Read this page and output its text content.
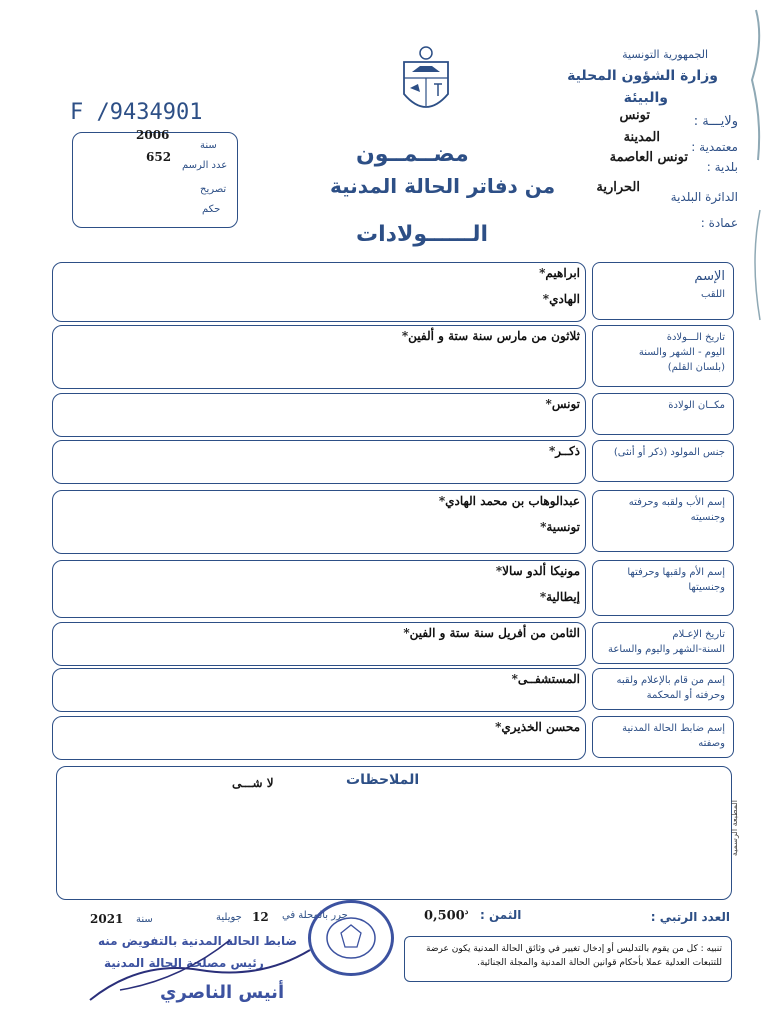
الجمهورية التونسية
وزارة الشؤون المحلية
والبيئة
ولايـــة :
تونس
معتمدية :
المدينة
بلدية :
تونس العاصمة
الدائرة البلدية
الحرارية
عمادة :
F /9434901
سنة
2006
عدد الرسم
652
تصريح
حكم
مضــمــون
من دفاتر الحالة المدنية
الــــــولادات
الإسم
اللقب
ابراهيم*
الهادي*
تاريخ الـــولادة
اليوم - الشهر والسنة
(بلسان القلم)
ثلاثون من مارس سنة ستة و ألفين*
مكــان الولادة
تونس*
جنس المولود (ذكر أو أنثى)
ذكــر*
إسم الأب ولقبه وحرفته
وجنسيته
عبدالوهاب بن محمد الهادي*
تونسية*
إسم الأم ولقبها وحرفتها
وجنسيتها
مونيكا ألدو سالا*
إيطالية*
تاريخ الإعـلام
السنة-الشهر واليوم والساعة
الثامن من أفريل سنة ستة و الفين*
إسم من قام بالإعلام ولقبه
وحرفته أو المحكمة
المستشفــى*
إسم ضابط الحالة المدنية
وصفته
محسن الخذيري*
الملاحظات
لا شـــى
المطبعة الرسمية
العدد الرتبي :
الثمن :
$0,500^د$
حرر بالمحلة في
12
جويلية
سنة
2021
تنبيه : كل من يقوم بالتدليس أو إدخال تغيير في وثائق الحالة المدنية يكون عرضة للتتبعات العدلية عملا بأحكام قوانين الحالة المدنية والمجلة الجنائية.
ضابط الحالة المدنية بالتفويض منه
رئيس مصلحة الحالة المدنية
أنيس الناصري
